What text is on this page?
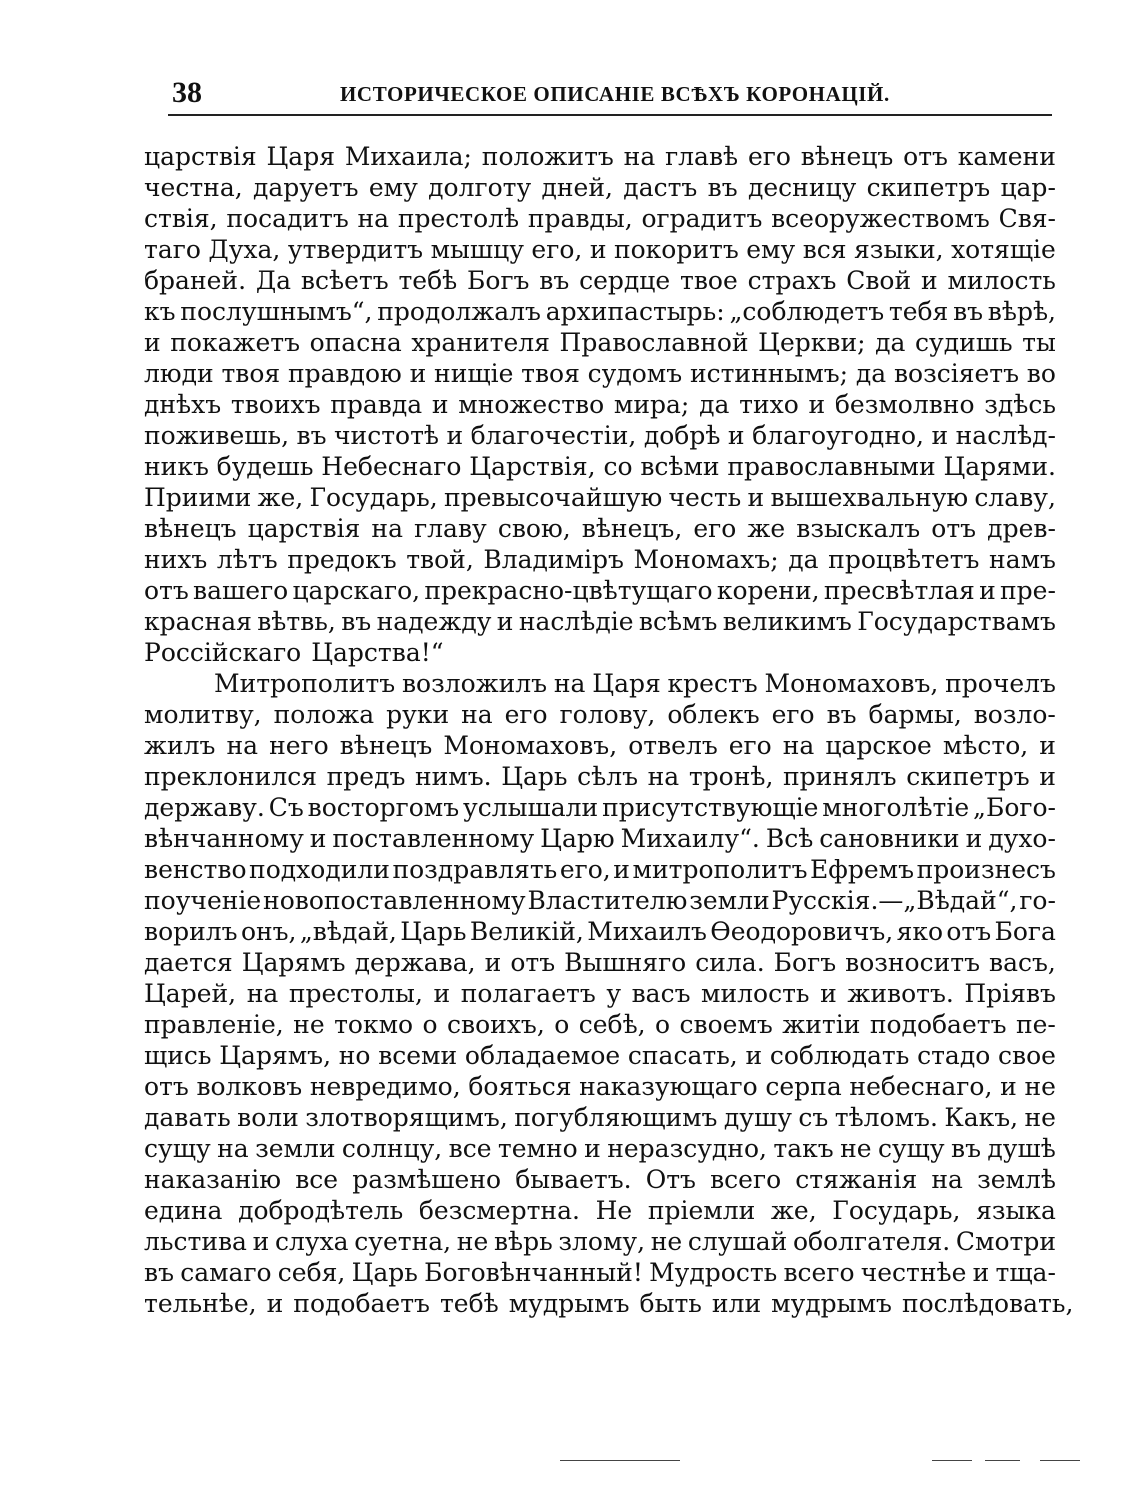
38	ИСТОРИЧЕСКОЕ ОПИСАНІЕ ВСѢХЪ КОРОНАЦІЙ.
царствія Царя Михаила; положитъ на главѣ его вѣнецъ отъ камени
честна, даруетъ ему долготу дней, дастъ въ десницу скипетръ цар-
ствія, посадитъ на престолѣ правды, оградитъ всеоружествомъ Свя-
таго Духа, утвердитъ мышцу его, и покоритъ ему вся языки, хотящіе
браней. Да всѣетъ тебѣ Богъ въ сердце твое страхъ Свой и милость
къ послушнымъ“, продолжалъ архипастырь: „соблюдетъ тебя въ вѣрѣ,
и покажетъ опасна хранителя Православной Церкви; да судишь ты
люди твоя правдою и нищіе твоя судомъ истиннымъ; да возсіяетъ во
днѣхъ твоихъ правда и множество мира; да тихо и безмолвно здѣсь
поживешь, въ чистотѣ и благочестіи, добрѣ и благоугодно, и наслѣд-
никъ будешь Небеснаго Царствія, со всѣми православными Царями.
Приими же, Государь, превысочайшую честь и вышехвальную славу,
вѣнецъ царствія на главу свою, вѣнецъ, его же взыскалъ отъ древ-
нихъ лѣтъ предокъ твой, Владиміръ Мономахъ; да процвѣтетъ намъ
отъ вашего царскаго, прекрасно-цвѣтущаго корени, пресвѣтлая и пре-
красная вѣтвь, въ надежду и наслѣдіе всѣмъ великимъ Государствамъ
Россійскаго Царства!“
Митрополитъ возложилъ на Царя крестъ Мономаховъ, прочелъ
молитву, положа руки на его голову, облекъ его въ бармы, возло-
жилъ на него вѣнецъ Мономаховъ, отвелъ его на царское мѣсто, и
преклонился предъ нимъ. Царь сѣлъ на тронѣ, принялъ скипетръ и
державу. Съ восторгомъ услышали присутствующіе многолѣтіе „Бого-
вѣнчанному и поставленному Царю Михаилу“. Всѣ сановники и духо-
венство подходили поздравлять его, и митрополитъ Ефремъ произнесъ
поученіе новопоставленному Властителю земли Русскія.—„Вѣдай“, го-
ворилъ онъ, „вѣдай, Царь Великій, Михаилъ Ѳеодоровичъ, яко отъ Бога
дается Царямъ держава, и отъ Вышняго сила. Богъ возноситъ васъ,
Царей, на престолы, и полагаетъ у васъ милость и животъ. Пріявъ
правленіе, не токмо о своихъ, о себѣ, о своемъ житіи подобаетъ пе-
щись Царямъ, но всеми обладаемое спасать, и соблюдать стадо свое
отъ волковъ невредимо, бояться наказующаго серпа небеснаго, и не
давать воли злотворящимъ, погубляющимъ душу съ тѣломъ. Какъ, не
сущу на земли солнцу, все темно и неразсудно, такъ не сущу въ душѣ
наказанію все размѣшено бываетъ. Отъ всего стяжанія на землѣ
едина добродѣтель безсмертна. Не пріемли же, Государь, языка
льстива и слуха суетна, не вѣрь злому, не слушай оболгателя. Смотри
въ самаго себя, Царь Боговѣнчанный! Мудрость всего честнѣе и тща-
тельнѣе, и подобаетъ тебѣ мудрымъ быть или мудрымъ послѣдовать,
